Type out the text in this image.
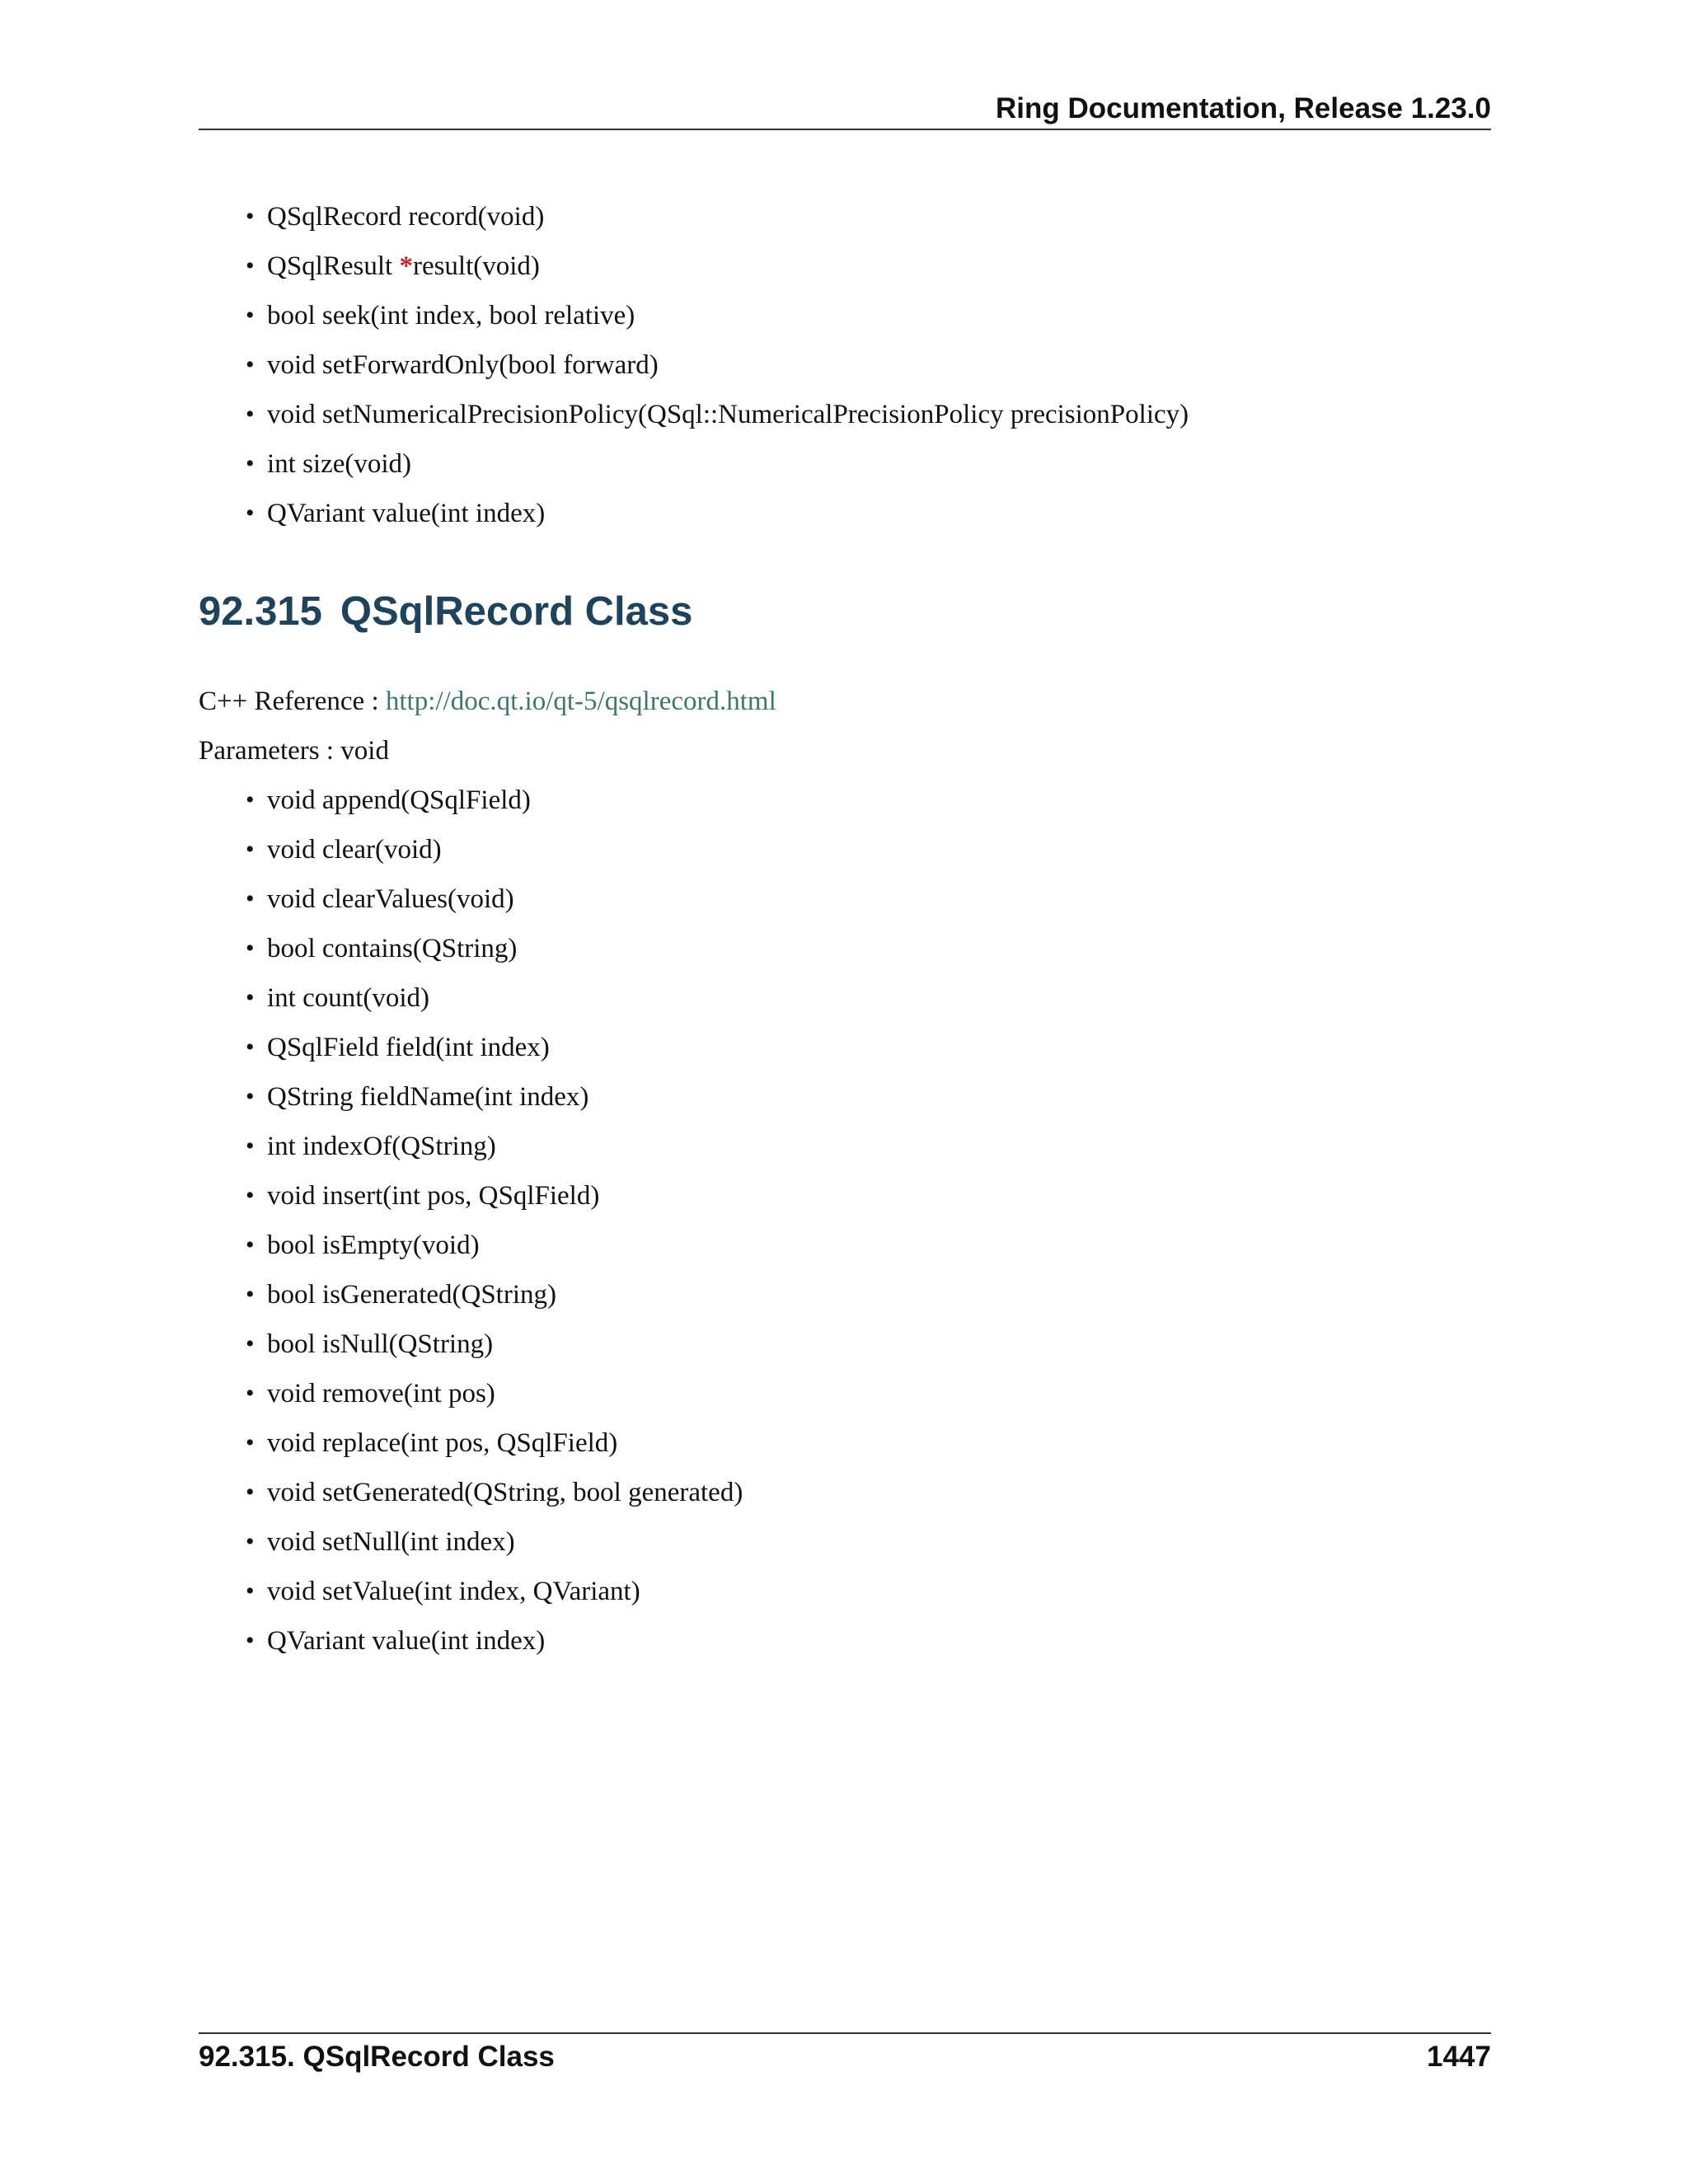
Ring Documentation, Release 1.23.0
• QSqlRecord record(void)
• QSqlResult *result(void)
• bool seek(int index, bool relative)
• void setForwardOnly(bool forward)
• void setNumericalPrecisionPolicy(QSql::NumericalPrecisionPolicy precisionPolicy)
• int size(void)
• QVariant value(int index)
92.315 QSqlRecord Class
C++ Reference : http://doc.qt.io/qt-5/qsqlrecord.html
Parameters : void
• void append(QSqlField)
• void clear(void)
• void clearValues(void)
• bool contains(QString)
• int count(void)
• QSqlField field(int index)
• QString fieldName(int index)
• int indexOf(QString)
• void insert(int pos, QSqlField)
• bool isEmpty(void)
• bool isGenerated(QString)
• bool isNull(QString)
• void remove(int pos)
• void replace(int pos, QSqlField)
• void setGenerated(QString, bool generated)
• void setNull(int index)
• void setValue(int index, QVariant)
• QVariant value(int index)
92.315. QSqlRecord Class	1447
